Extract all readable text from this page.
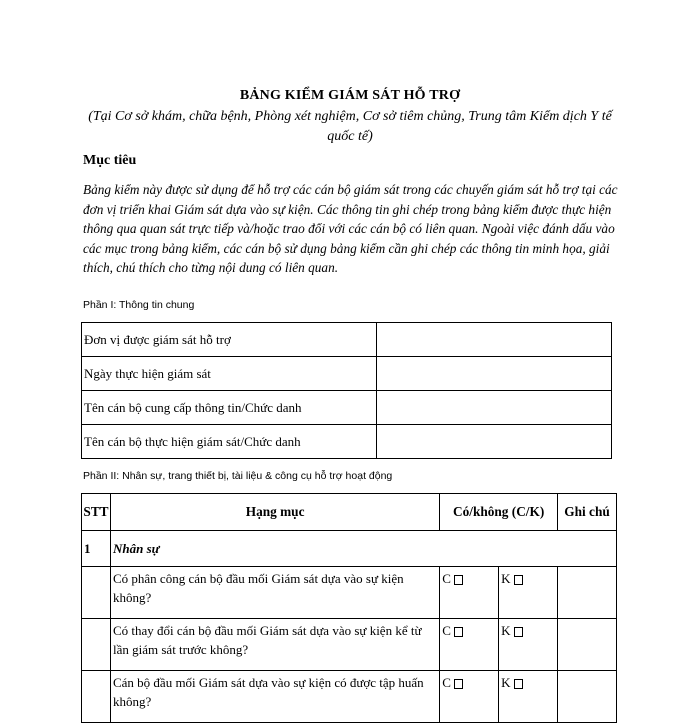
BẢNG KIỂM GIÁM SÁT HỖ TRỢ
(Tại Cơ sở khám, chữa bệnh, Phòng xét nghiệm, Cơ sở tiêm chủng, Trung tâm Kiểm dịch Y tế quốc tế)
Mục tiêu
Bảng kiểm này được sử dụng để hỗ trợ các cán bộ giám sát trong các chuyến giám sát hỗ trợ tại các đơn vị triển khai Giám sát dựa vào sự kiện. Các thông tin ghi chép trong bảng kiểm được thực hiện thông qua quan sát trực tiếp và/hoặc trao đổi với các cán bộ có liên quan. Ngoài việc đánh dấu vào các mục trong bảng kiểm, các cán bộ sử dụng bảng kiểm cần ghi chép các thông tin minh họa, giải thích, chú thích cho từng nội dung có liên quan.
Phần I: Thông tin chung
Đơn vị được giám sát hỗ trợ	
Ngày thực hiện giám sát	
Tên cán bộ cung cấp thông tin/Chức danh	
Tên cán bộ thực hiện giám sát/Chức danh	
Phần II: Nhân sự, trang thiết bị, tài liệu & công cụ hỗ trợ hoạt động
STT	Hạng mục	Có/không (C/K)		Ghi chú
1	Nhân sự			
	Có phân công cán bộ đầu mối Giám sát dựa vào sự kiện không?	C	K	
	Có thay đổi cán bộ đầu mối Giám sát dựa vào sự kiện kể từ lần giám sát trước không?	C	K	
	Cán bộ đầu mối Giám sát dựa vào sự kiện có được tập huấn không?	C	K	
